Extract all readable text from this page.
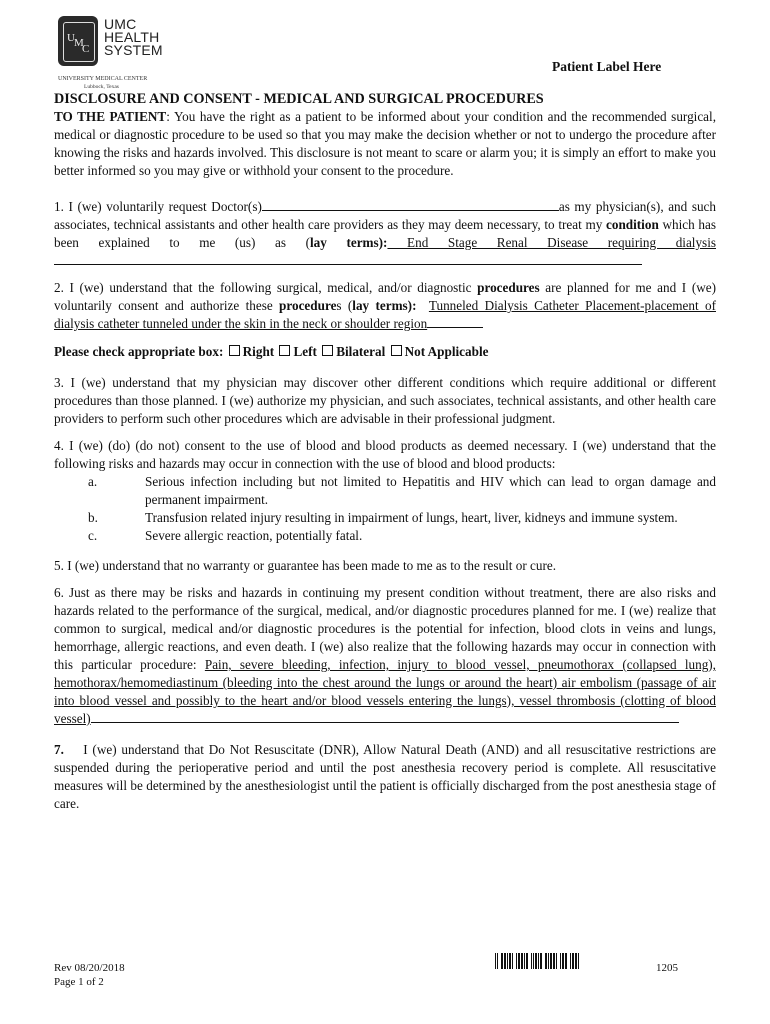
U M
C
UMC
HEALTH
SYSTEM
UNIVERSITY MEDICAL CENTER
Lubbock, Texas
Patient Label Here
DISCLOSURE AND CONSENT - MEDICAL AND SURGICAL PROCEDURES

TO THE PATIENT: You have the right as a patient to be informed about your condition and the recommended surgical, medical or diagnostic procedure to be used so that you may make the decision whether or not to undergo the procedure after knowing the risks and hazards involved. This disclosure is not meant to scare or alarm you; it is simply an effort to make you better informed so you may give or withhold your consent to the procedure.

1. I (we) voluntarily request Doctor(s)	as my physician(s), and such associates, technical assistants and other health care providers as they may deem necessary, to treat my condition which has been explained to me (us) as (lay terms): End Stage Renal Disease requiring dialysis

2. I (we) understand that the following surgical, medical, and/or diagnostic procedures are planned for me and I (we) voluntarily consent and authorize these procedures (lay terms): Tunneled Dialysis Catheter Placement-placement of dialysis catheter tunneled under the skin in the neck or shoulder region

Please check appropriate box: Right Left Bilateral Not Applicable

3. I (we) understand that my physician may discover other different conditions which require additional or different procedures than those planned. I (we) authorize my physician, and such associates, technical assistants, and other health care providers to perform such other procedures which are advisable in their professional judgment.

4. I (we) (do) (do not) consent to the use of blood and blood products as deemed necessary. I (we) understand that the following risks and hazards may occur in connection with the use of blood and blood products:

a.	Serious infection including but not limited to Hepatitis and HIV which can lead to organ damage and permanent impairment.
b.	Transfusion related injury resulting in impairment of lungs, heart, liver, kidneys and immune system.
c.	Severe allergic reaction, potentially fatal.

5. I (we) understand that no warranty or guarantee has been made to me as to the result or cure.

6. Just as there may be risks and hazards in continuing my present condition without treatment, there are also risks and hazards related to the performance of the surgical, medical, and/or diagnostic procedures planned for me. I (we) realize that common to surgical, medical and/or diagnostic procedures is the potential for infection, blood clots in veins and lungs, hemorrhage, allergic reactions, and even death. I (we) also realize that the following hazards may occur in connection with this particular procedure: Pain, severe bleeding, infection, injury to blood vessel, pneumothorax (collapsed lung), hemothorax/hemomediastinum (bleeding into the chest around the lungs or around the heart) air embolism (passage of air into blood vessel and possibly to the heart and/or blood vessels entering the lungs), vessel thrombosis (clotting of blood vessel)

7.    I (we) understand that Do Not Resuscitate (DNR), Allow Natural Death (AND) and all resuscitative restrictions are suspended during the perioperative period and until the post anesthesia recovery period is complete. All resuscitative measures will be determined by the anesthesiologist until the patient is officially discharged from the post anesthesia stage of care.

Rev 08/20/2018
Page 1 of 2
1205
